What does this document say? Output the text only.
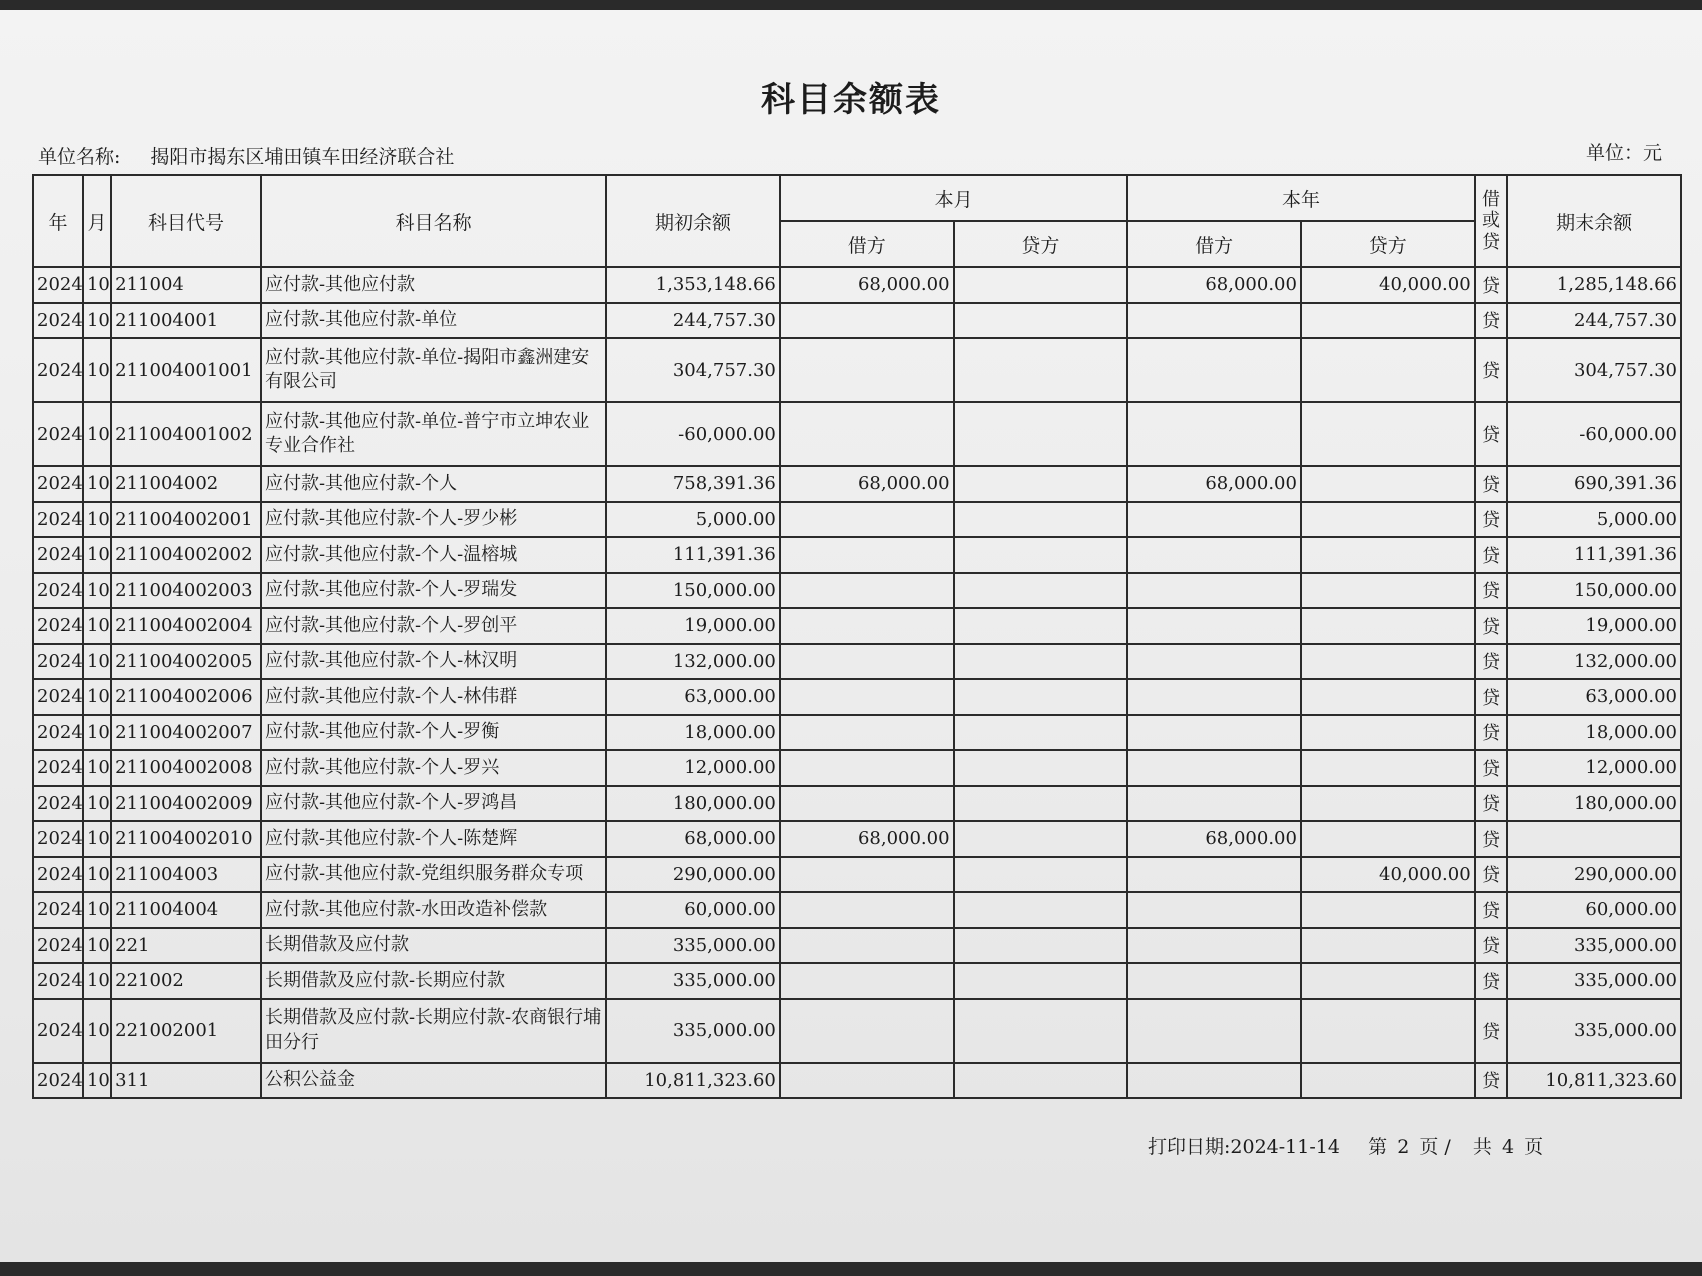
科目余额表
单位名称: 揭阳市揭东区埔田镇车田经济联合社	单位：元
年	月	科目代号	科目名称	期初余额	本月		本年		借或贷	期末余额
					借方	贷方	借方	贷方		
2024	10	211004	应付款-其他应付款	1,353,148.66	68,000.00		68,000.00	40,000.00	贷	1,285,148.66
2024	10	211004001	应付款-其他应付款-单位	244,757.30					贷	244,757.30
2024	10	211004001001	应付款-其他应付款-单位-揭阳市鑫洲建安有限公司	304,757.30					贷	304,757.30
2024	10	211004001002	应付款-其他应付款-单位-普宁市立坤农业专业合作社	-60,000.00					贷	-60,000.00
2024	10	211004002	应付款-其他应付款-个人	758,391.36	68,000.00		68,000.00		贷	690,391.36
2024	10	211004002001	应付款-其他应付款-个人-罗少彬	5,000.00					贷	5,000.00
2024	10	211004002002	应付款-其他应付款-个人-温榕城	111,391.36					贷	111,391.36
2024	10	211004002003	应付款-其他应付款-个人-罗瑞发	150,000.00					贷	150,000.00
2024	10	211004002004	应付款-其他应付款-个人-罗创平	19,000.00					贷	19,000.00
2024	10	211004002005	应付款-其他应付款-个人-林汉明	132,000.00					贷	132,000.00
2024	10	211004002006	应付款-其他应付款-个人-林伟群	63,000.00					贷	63,000.00
2024	10	211004002007	应付款-其他应付款-个人-罗衡	18,000.00					贷	18,000.00
2024	10	211004002008	应付款-其他应付款-个人-罗兴	12,000.00					贷	12,000.00
2024	10	211004002009	应付款-其他应付款-个人-罗鸿昌	180,000.00					贷	180,000.00
2024	10	211004002010	应付款-其他应付款-个人-陈楚辉	68,000.00	68,000.00		68,000.00		贷	
2024	10	211004003	应付款-其他应付款-党组织服务群众专项	290,000.00				40,000.00	贷	290,000.00
2024	10	211004004	应付款-其他应付款-水田改造补偿款	60,000.00					贷	60,000.00
2024	10	221	长期借款及应付款	335,000.00					贷	335,000.00
2024	10	221002	长期借款及应付款-长期应付款	335,000.00					贷	335,000.00
2024	10	221002001	长期借款及应付款-长期应付款-农商银行埔田分行	335,000.00					贷	335,000.00
2024	10	311	公积公益金	10,811,323.60					贷	10,811,323.60
打印日期:2024-11-14 第 2 页 / 共 4 页
